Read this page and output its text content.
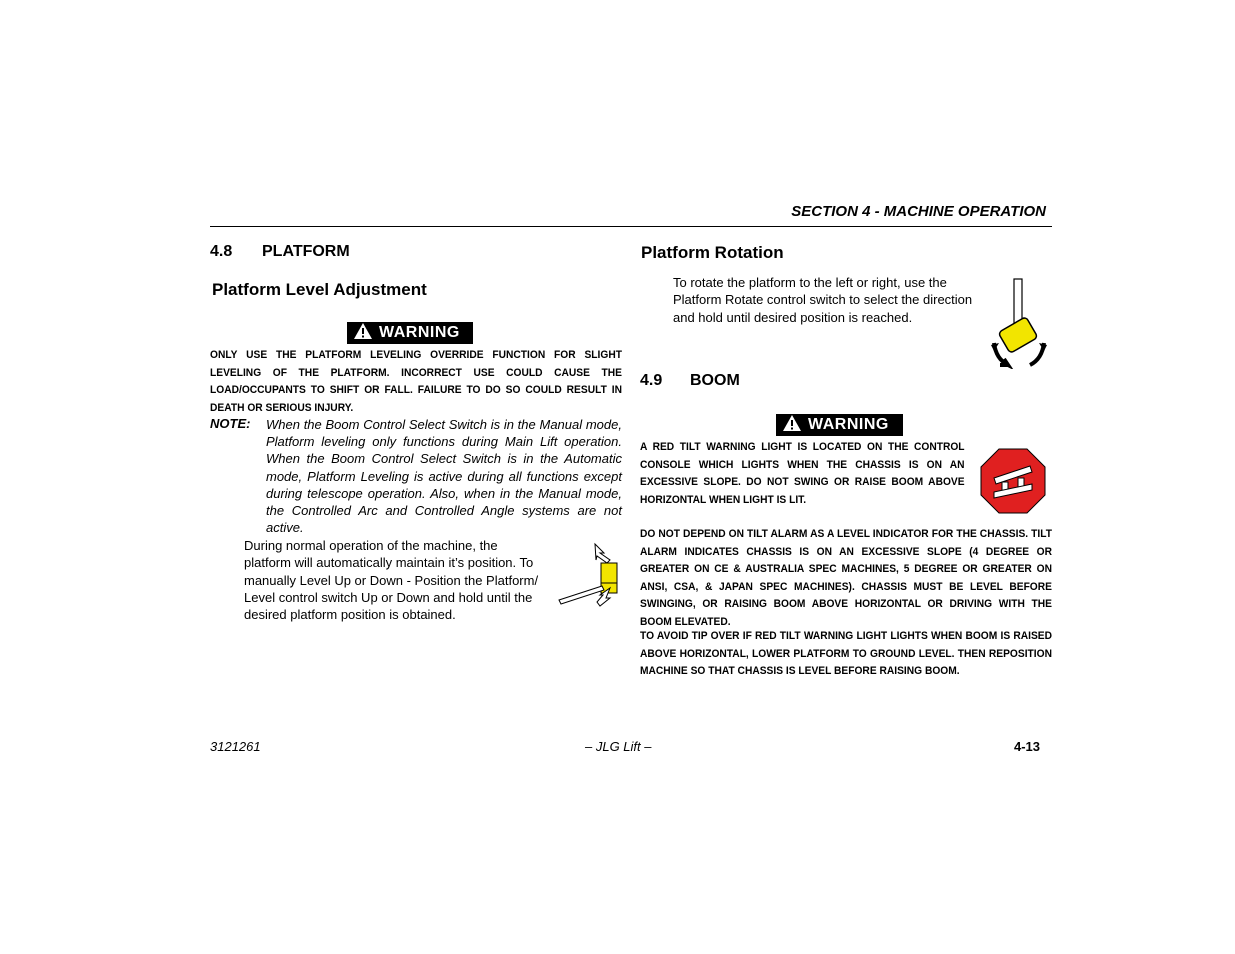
SECTION 4 - MACHINE OPERATION
4.8 PLATFORM
Platform Level Adjustment
WARNING
ONLY USE THE PLATFORM LEVELING OVERRIDE FUNCTION FOR SLIGHT LEVELING OF THE PLATFORM. INCORRECT USE COULD CAUSE THE LOAD/OCCUPANTS TO SHIFT OR FALL. FAILURE TO DO SO COULD RESULT IN DEATH OR SERIOUS INJURY.
NOTE: When the Boom Control Select Switch is in the Manual mode, Platform leveling only functions during Main Lift operation. When the Boom Control Select Switch is in the Automatic mode, Platform Leveling is active during all functions except during telescope operation. Also, when in the Manual mode, the Controlled Arc and Controlled Angle systems are not active.
During normal operation of the machine, the platform will automatically maintain it’s position. To manually Level Up or Down - Position the Platform/ Level control switch Up or Down and hold until the desired platform position is obtained.
Platform Rotation
To rotate the platform to the left or right, use the Platform Rotate control switch to select the direction and hold until desired position is reached.
4.9 BOOM
WARNING
A RED TILT WARNING LIGHT IS LOCATED ON THE CONTROL CONSOLE WHICH LIGHTS WHEN THE CHASSIS IS ON AN EXCESSIVE SLOPE. DO NOT SWING OR RAISE BOOM ABOVE HORIZONTAL WHEN LIGHT IS LIT.
DO NOT DEPEND ON TILT ALARM AS A LEVEL INDICATOR FOR THE CHASSIS. TILT ALARM INDICATES CHASSIS IS ON AN EXCESSIVE SLOPE (4 DEGREE OR GREATER ON CE & AUSTRALIA SPEC MACHINES, 5 DEGREE OR GREATER ON ANSI, CSA, & JAPAN SPEC MACHINES). CHASSIS MUST BE LEVEL BEFORE SWINGING, OR RAISING BOOM ABOVE HORIZONTAL OR DRIVING WITH THE BOOM ELEVATED.
TO AVOID TIP OVER IF RED TILT WARNING LIGHT LIGHTS WHEN BOOM IS RAISED ABOVE HORIZONTAL, LOWER PLATFORM TO GROUND LEVEL. THEN REPOSITION MACHINE SO THAT CHASSIS IS LEVEL BEFORE RAISING BOOM.
3121261	– JLG Lift –	4-13
